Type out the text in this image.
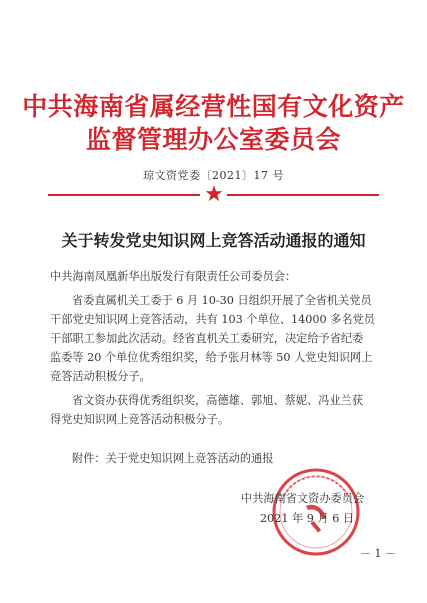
中共海南省属经营性国有文化资产
监督管理办公室委员会
琼文资党委〔2021〕17 号
★
关于转发党史知识网上竞答活动通报的通知
中共海南凤凰新华出版发行有限责任公司委员会：
省委直属机关工委于 6 月 10-30 日组织开展了全省机关党员
干部党史知识网上竞答活动，共有 103 个单位、14000 多名党员
干部职工参加此次活动。经省直机关工委研究，决定给予省纪委
监委等 20 个单位优秀组织奖，给予张月林等 50 人党史知识网上
竞答活动积极分子。
省文资办获得优秀组织奖，高德雄、郭旭、蔡妮、冯业兰获
得党史知识网上竞答活动积极分子。
附件：关于党史知识网上竞答活动的通报
中共海南省文资办委员会
2021 年 9 月 6 日
－ 1 －
